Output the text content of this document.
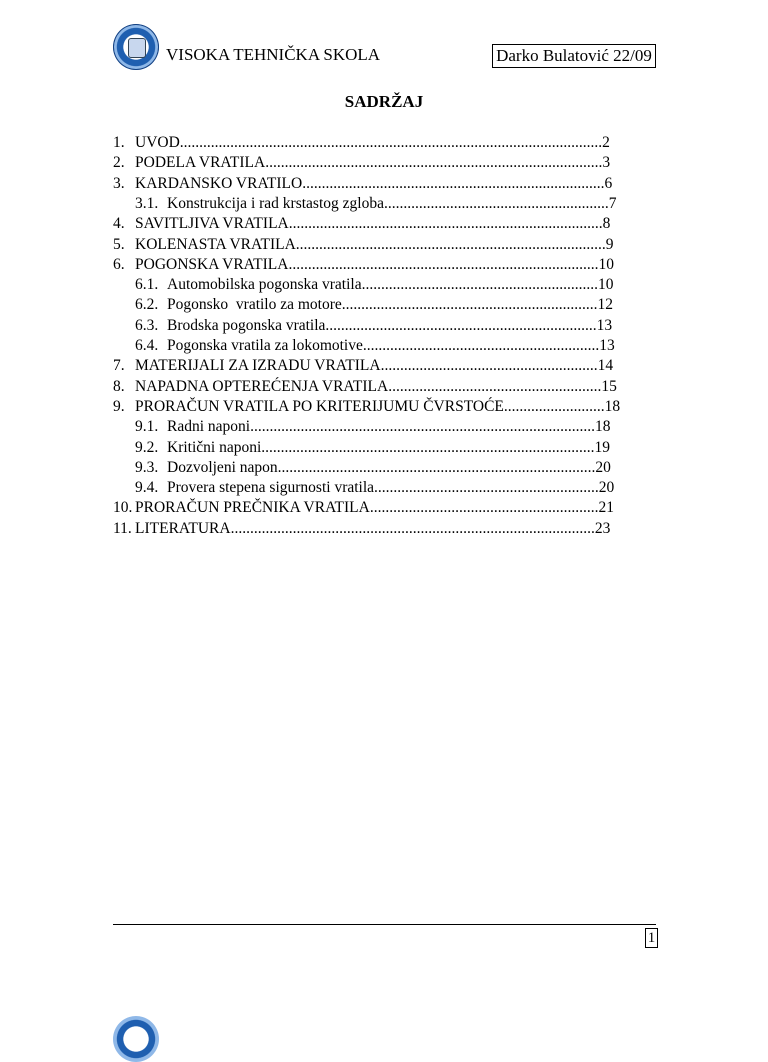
VISOKA TEHNIČKA SKOLA	Darko Bulatović 22/09
SADRŽAJ
1. UVOD.............................................................................................................2
2. PODELA VRATILA.......................................................................................3
3. KARDANSKO VRATILO..............................................................................6
3.1. Konstrukcija i rad krstastog zgloba..........................................................7
4. SAVITLJIVA VRATILA.................................................................................8
5. KOLENASTA VRATILA................................................................................9
6. POGONSKA VRATILA................................................................................10
6.1. Automobilska pogonska vratila.............................................................10
6.2. Pogonsko  vratilo za motore..................................................................12
6.3. Brodska pogonska vratila......................................................................13
6.4. Pogonska vratila za lokomotive.............................................................13
7. MATERIJALI ZA IZRADU VRATILA........................................................14
8. NAPADNA OPTEREĆENJA VRATILA.......................................................15
9. PRORAČUN VRATILA PO KRITERIJUMU ČVRSTOĆE..........................18
9.1. Radni naponi.........................................................................................18
9.2. Kritični naponi......................................................................................19
9.3. Dozvoljeni napon..................................................................................20
9.4. Provera stepena sigurnosti vratila..........................................................20
10. PRORAČUN PREČNIKA VRATILA...........................................................21
11. LITERATURA..............................................................................................23
1
